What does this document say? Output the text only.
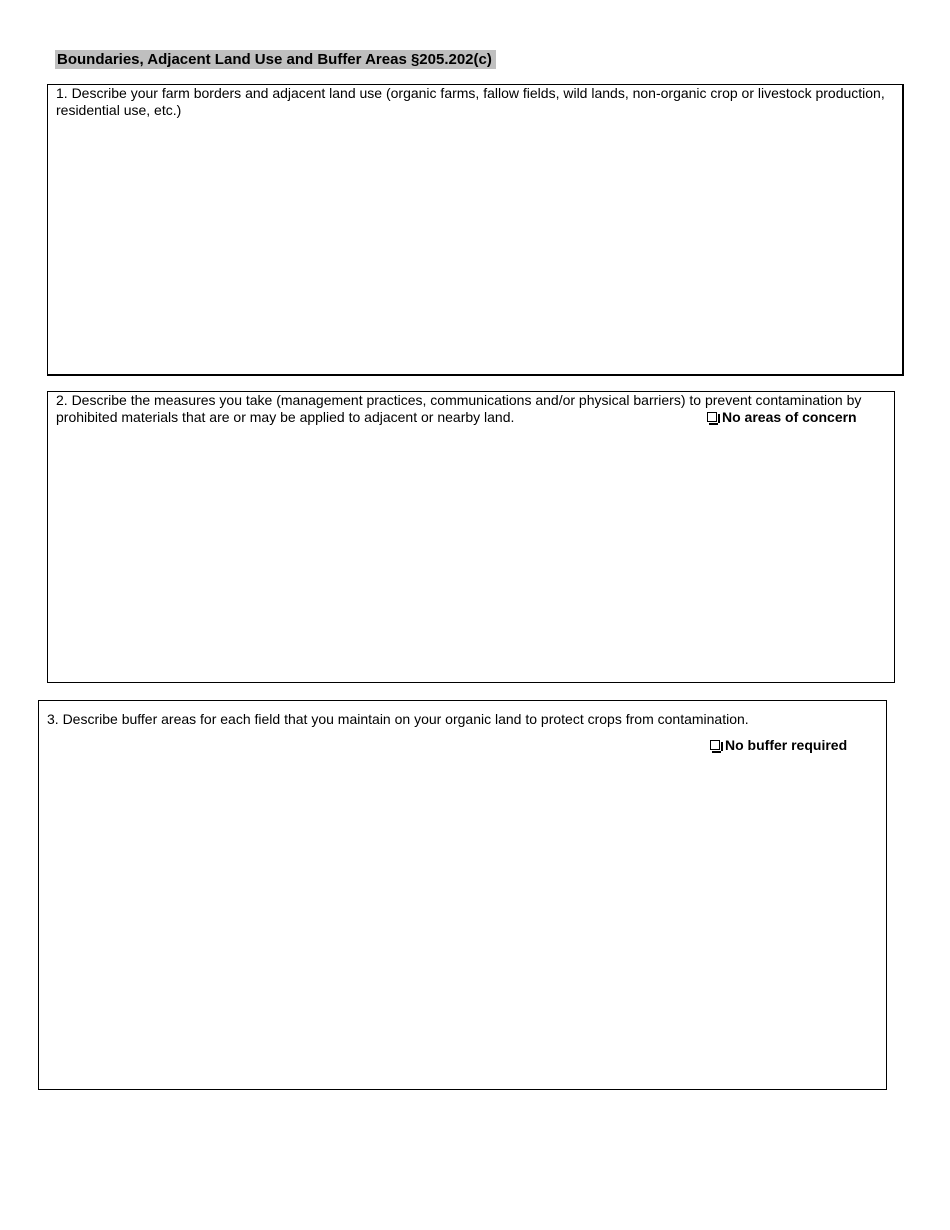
Boundaries, Adjacent Land Use and Buffer Areas §205.202(c)
1. Describe your farm borders and adjacent land use (organic farms, fallow fields, wild lands, non-organic crop or livestock production, residential use, etc.)
2. Describe the measures you take (management practices, communications and/or physical barriers) to prevent contamination by prohibited materials that are or may be applied to adjacent or nearby land.	No areas of concern
3. Describe buffer areas for each field that you maintain on your organic land to protect crops from contamination.
No buffer required
